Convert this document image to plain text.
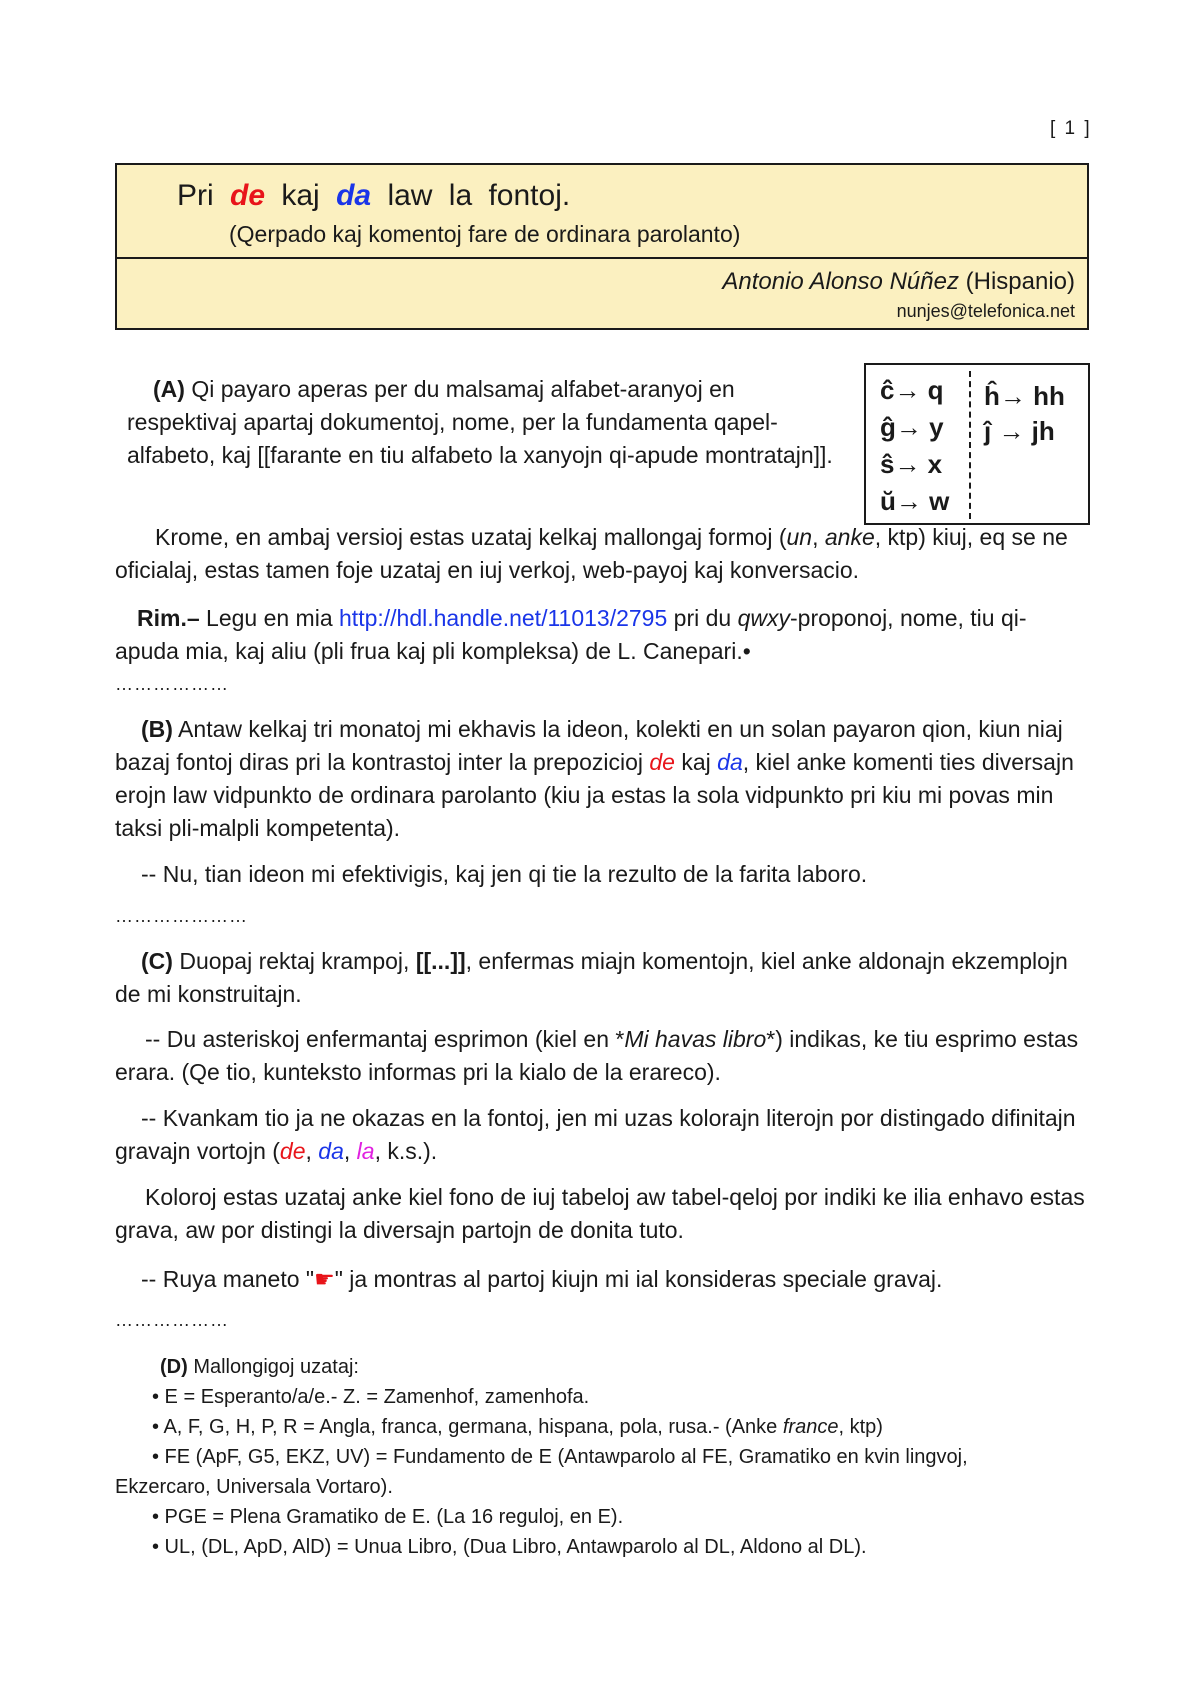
[ 1 ]
Pri de kaj da law la fontoj.
(Qerpado kaj komentoj fare de ordinara parolanto)
Antonio Alonso Núñez (Hispanio)
nunjes@telefonica.net
ĉ→ q
ĝ→ y
ŝ→ x
ŭ→ w
ĥ→ hh
ĵ → jh

(A) Qi payaro aperas per du malsamaj alfabet-aranyoj en respektivaj apartaj dokumentoj, nome, per la fundamenta qapel-alfabeto, kaj [[farante en tiu alfabeto la xanyojn qi-apude montratajn]].

Krome, en ambaj versioj estas uzataj kelkaj mallongaj formoj (un, anke, ktp) kiuj, eq se ne oficialaj, estas tamen foje uzataj en iuj verkoj, web-payoj kaj konversacio.

Rim.– Legu en mia http://hdl.handle.net/11013/2795 pri du qwxy-proponoj, nome, tiu qi-apuda mia, kaj aliu (pli frua kaj pli kompleksa) de L. Canepari.•

………………

(B) Antaw kelkaj tri monatoj mi ekhavis la ideon, kolekti en un solan payaron qion, kiun niaj bazaj fontoj diras pri la kontrastoj inter la prepozicioj de kaj da, kiel anke komenti ties diversajn erojn law vidpunkto de ordinara parolanto (kiu ja estas la sola vidpunkto pri kiu mi povas min taksi pli-malpli kompetenta).

-- Nu, tian ideon mi efektivigis, kaj jen qi tie la rezulto de la farita laboro.

…………………

(C) Duopaj rektaj krampoj, [[...]], enfermas miajn komentojn, kiel anke aldonajn ekzemplojn de mi konstruitajn.

-- Du asteriskoj enfermantaj esprimon (kiel en *Mi havas libro*) indikas, ke tiu esprimo estas erara. (Qe tio, kunteksto informas pri la kialo de la erareco).

-- Kvankam tio ja ne okazas en la fontoj, jen mi uzas kolorajn literojn por distingado difinitajn gravajn vortojn (de, da, la, k.s.).

Koloroj estas uzataj anke kiel fono de iuj tabeloj aw tabel-qeloj por indiki ke ilia enhavo estas grava, aw por distingi la diversajn partojn de donita tuto.

-- Ruya maneto "☛" ja montras al partoj kiujn mi ial konsideras speciale gravaj.

………………

(D) Mallongigoj uzataj:

• E = Esperanto/a/e.- Z. = Zamenhof, zamenhofa.

• A, F, G, H, P, R = Angla, franca, germana, hispana, pola, rusa.- (Anke france, ktp)

• FE (ApF, G5, EKZ, UV) = Fundamento de E (Antawparolo al FE, Gramatiko en kvin lingvoj, Ekzercaro, Universala Vortaro).

• PGE = Plena Gramatiko de E. (La 16 reguloj, en E).

• UL, (DL, ApD, AlD) = Unua Libro, (Dua Libro, Antawparolo al DL, Aldono al DL).
